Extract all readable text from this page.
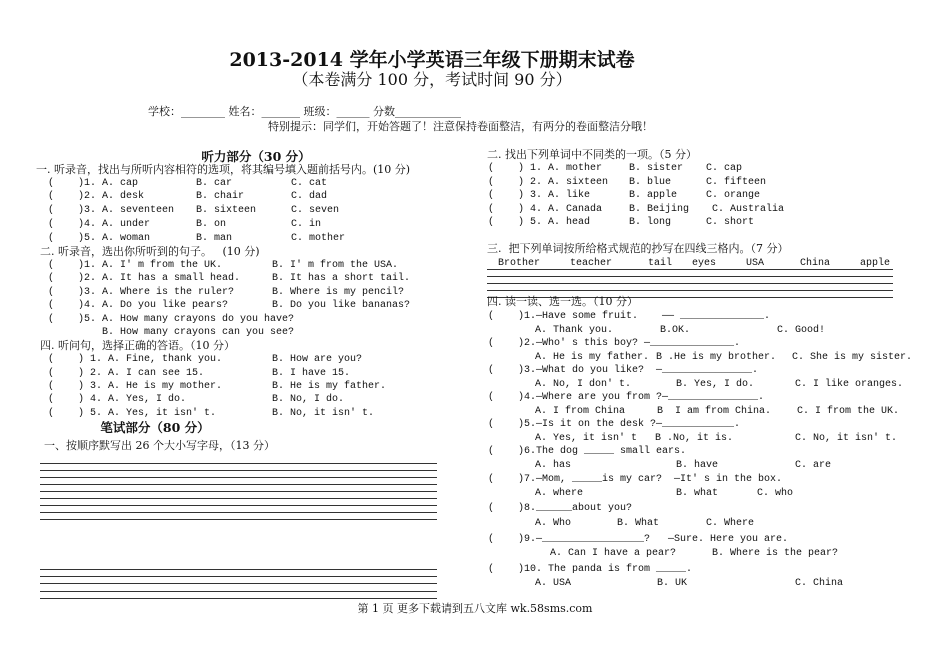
2013-2014 学年小学英语三年级下册期末试卷
（本卷满分 100 分，考试时间 90 分）
学校：________ 姓名：_______ 班级：______ 分数____________
特别提示：同学们，开始答题了！注意保持卷面整洁，有两分的卷面整洁分哦！
听力部分（30 分）
一. 听录音，找出与所听内容相符的选项，将其编号填入题前括号内。(10 分)
(    )1. A. cap	B. car	C. cat
(    )2. A. desk	B. chair	C. dad
(    )3. A. seventeen B. sixteen	C. seven
(    )4. A. under	B. on	C. in
(    )5. A. woman	B. man	C. mother
二. 听录音，选出你所听到的句子。   (10 分)
(    )1. A. I' m from the UK.	B. I' m from the USA.
(    )2. A. It has a small head.	B. It has a short tail.
(    )3. A. Where is the ruler?	B. Where is my pencil?
(    )4. A. Do you like pears?	B. Do you like bananas?
(    )5. A. How many crayons do you have?
B. How many crayons can you see?
四. 听问句，选择正确的答语。（10 分）
(    ) 1. A. Fine, thank you.	B. How are you?
(    ) 2. A. I can see 15.	B. I have 15.
(    ) 3. A. He is my mother.	B. He is my father.
(    ) 4. A. Yes, I do.	B. No, I do.
(    ) 5. A. Yes, it isn' t.	B. No, it isn' t.
笔试部分（80 分）
一、按顺序默写出 26 个大小写字母，（13 分）
二. 找出下列单词中不同类的一项。（5 分）
(    ) 1. A. mother	B. sister C. cap
(    ) 2. A. sixteen B. blue	C. fifteen
(    ) 3. A. like	B. apple	C. orange
(    ) 4. A. Canada	B. Beijing C. Australia
(    ) 5. A. head	B. long	C. short
三.  把下列单词按所给格式规范的抄写在四线三格内。（7 分）
Brother	teacher	tail eyes	USA	China	apple
四. 读一读、选一选。（10 分）
(    )1.—Have some fruit.    —— ______________.
A. Thank you.	B.OK.	C. Good!
(    )2.—Who' s this boy? —______________.
A. He is my father. B .He is my brother. C. She is my sister.
(    )3.—What do you like?  —_______________.
A. No, I don' t.	B. Yes, I do.	C. I like oranges.
(    )4.—Where are you from ?—_______________.
A. I from China	B  I am from China.	C. I from the UK.
(    )5.—Is it on the desk ?—____________.
A. Yes, it isn' t B .No, it is.	C. No, it isn' t.
(    )6.The dog _____ small ears.
A. has	B. have	C. are
(    )7.—Mom, _____is my car?  —It' s in the box.
A. where	B. what	C. who
(    )8.______about you?
A. Who	B. What	C. Where
(    )9.—_________________?   —Sure. Here you are.
A. Can I have a pear?	B. Where is the pear?
(    )10. The panda is from _____.
A. USA	B. UK	C. China
第 1 页 更多下载请到五八文库 wk.58sms.com
